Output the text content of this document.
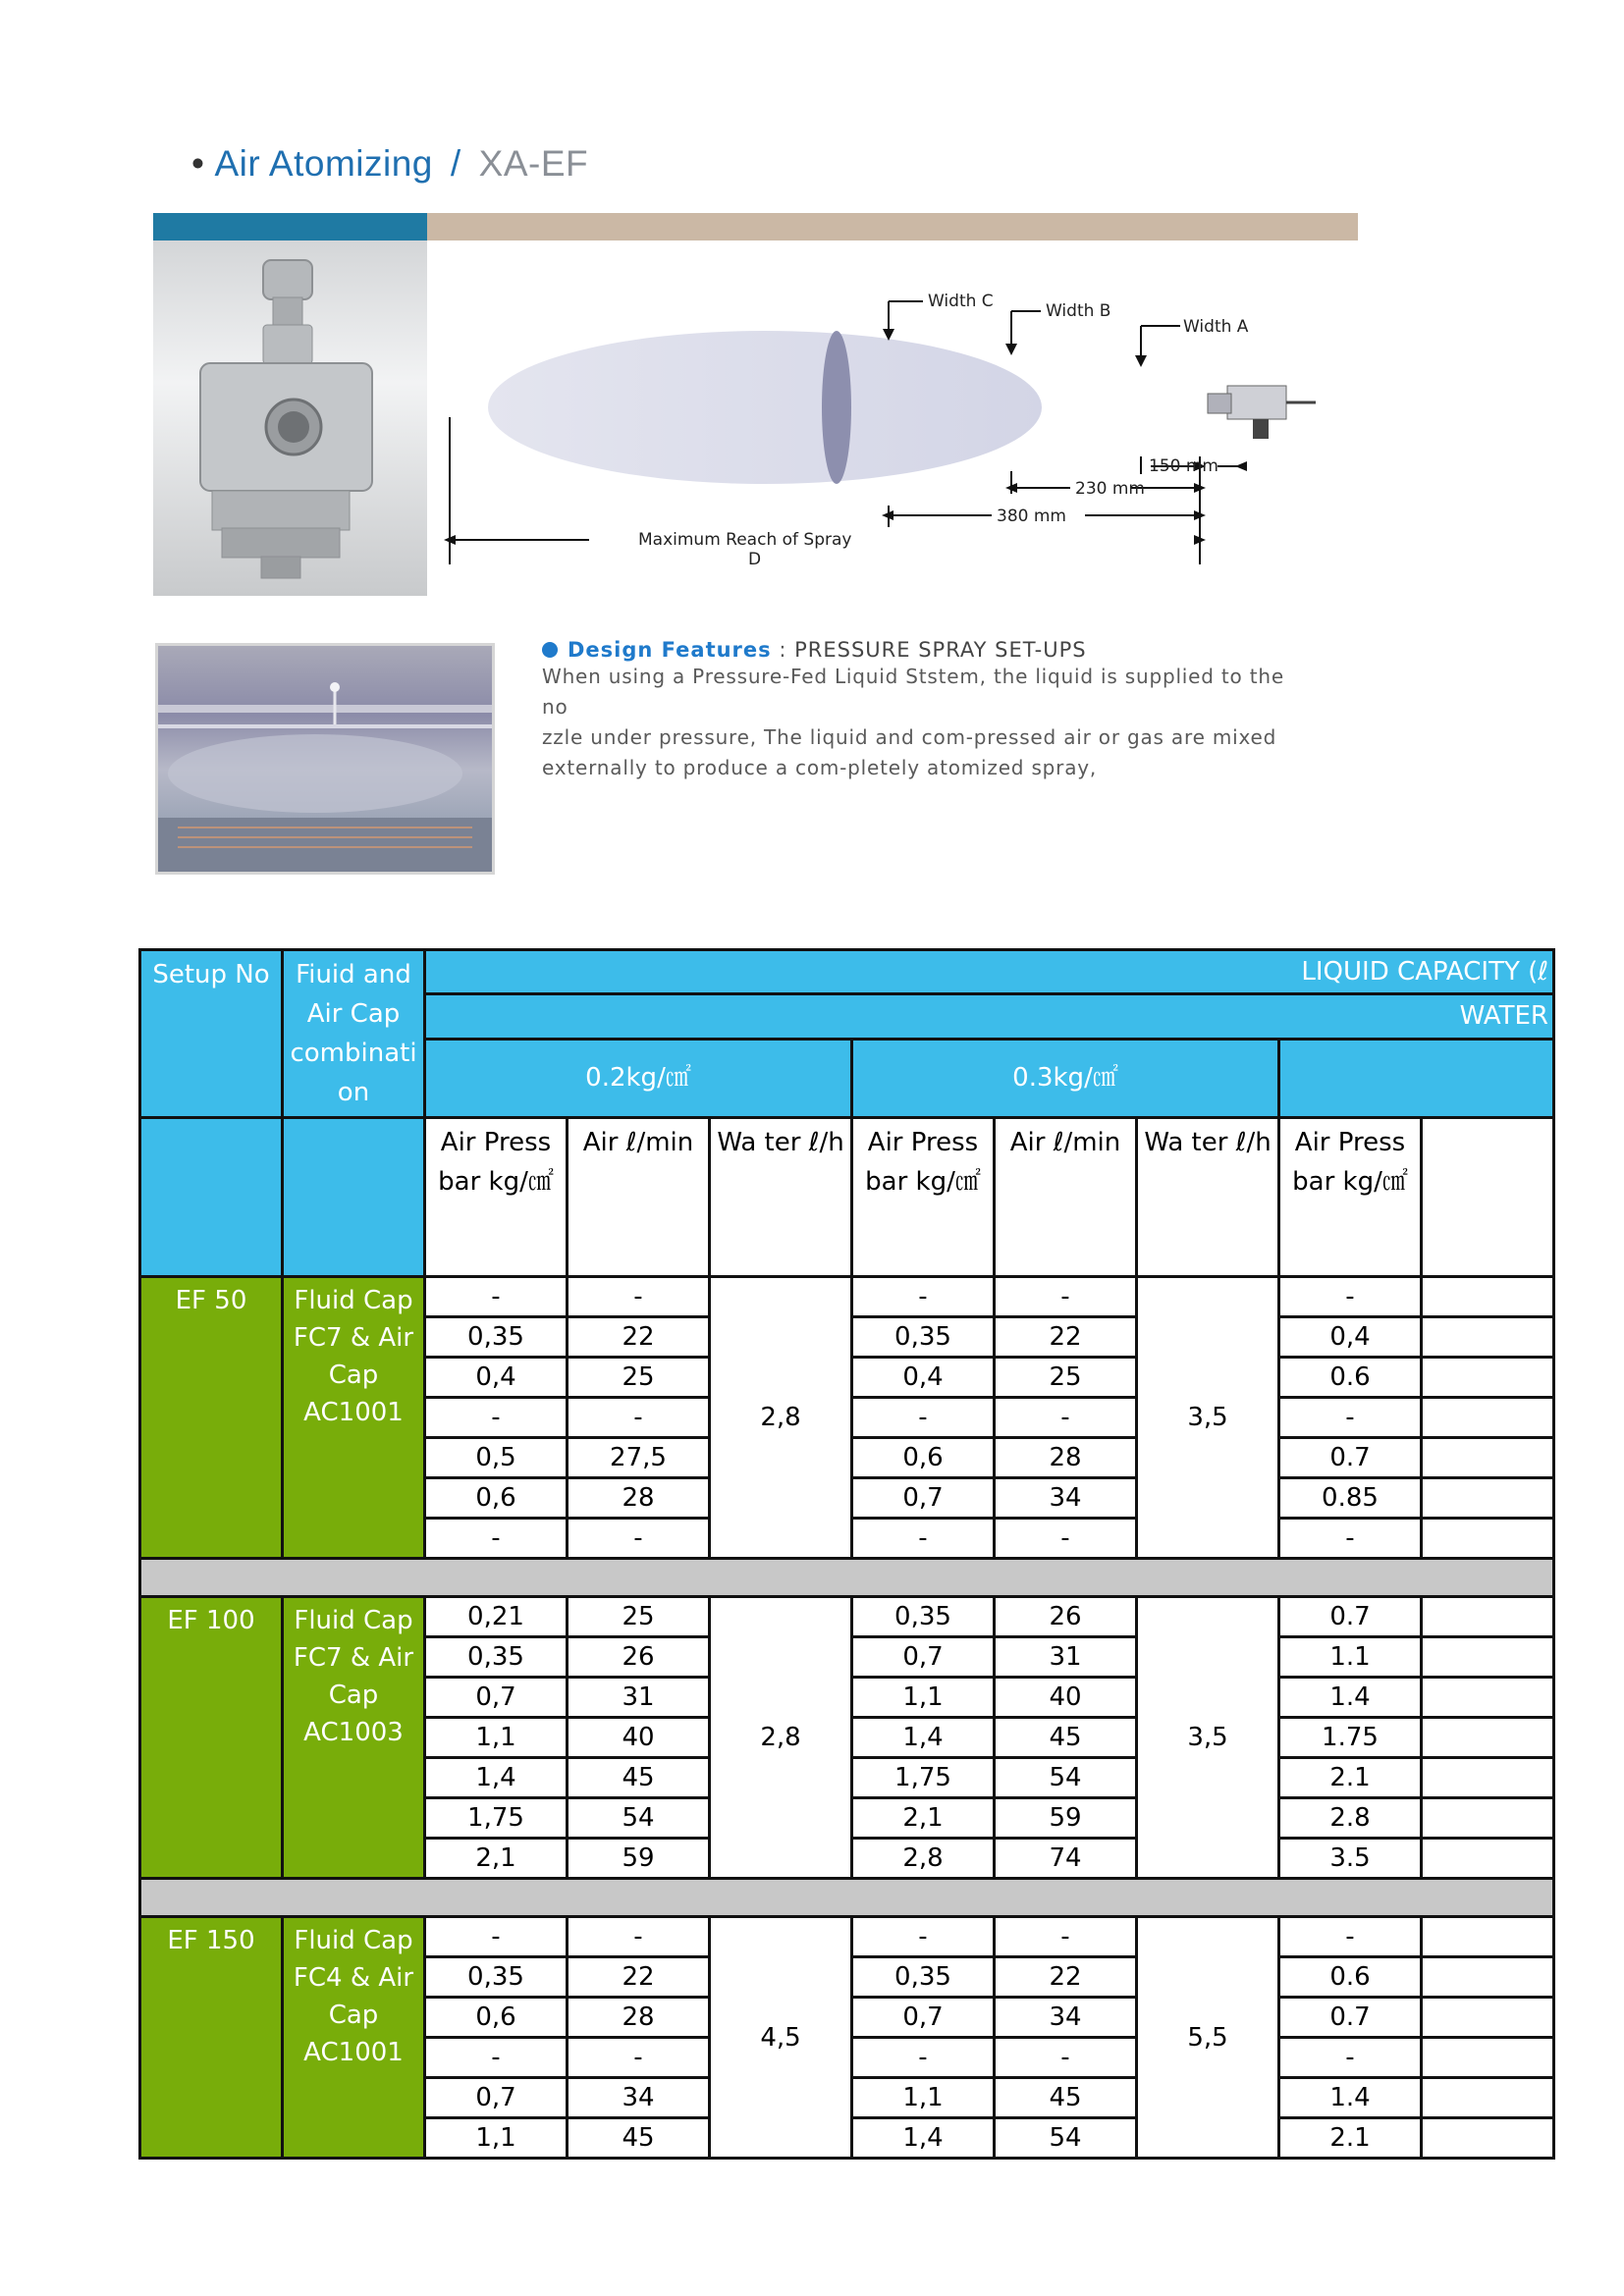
• Air Atomizing / XA-EF
Width C	Width B
Width A
150 mm
230 mm
380 mm
Maximum Reach of Spray
D
Design Features : PRESSURE SPRAY SET-UPS
When using a Pressure-Fed Liquid Ststem, the liquid is supplied to the
no
zzle under pressure, The liquid and com-pressed air or gas are mixed
externally to produce a com-pletely atomized spray,
Setup No	Fiuid and Air Cap combinati on	LIQUID CAPACITY (ℓ							
		WATER							
		0.2kg/㎠			0.3kg/㎠				
		Air Press bar kg/㎠	Air ℓ/min	Wa ter ℓ/h	Air Press bar kg/㎠	Air ℓ/min	Wa ter ℓ/h	Air Press bar kg/㎠	
EF 50	Fluid Cap FC7 & Air Cap AC1001	-	-	2,8	-	-	3,5	-	
		0,35	22		0,35	22		0,4	
		0,4	25		0,4	25		0.6	
		-	-		-	-		-	
		0,5	27,5		0,6	28		0.7	
		0,6	28		0,7	34		0.85	
		-	-		-	-		-	

EF 100	Fluid Cap FC7 & Air Cap AC1003	0,21	25	2,8	0,35	26	3,5	0.7	
		0,35	26		0,7	31		1.1	
		0,7	31		1,1	40		1.4	
		1,1	40		1,4	45		1.75	
		1,4	45		1,75	54		2.1	
		1,75	54		2,1	59		2.8	
		2,1	59		2,8	74		3.5	

EF 150	Fluid Cap FC4 & Air Cap AC1001	-	-	4,5	-	-	5,5	-	
		0,35	22		0,35	22		0.6	
		0,6	28		0,7	34		0.7	
		-	-		-	-		-	
		0,7	34		1,1	45		1.4	
		1,1	45		1,4	54		2.1	
